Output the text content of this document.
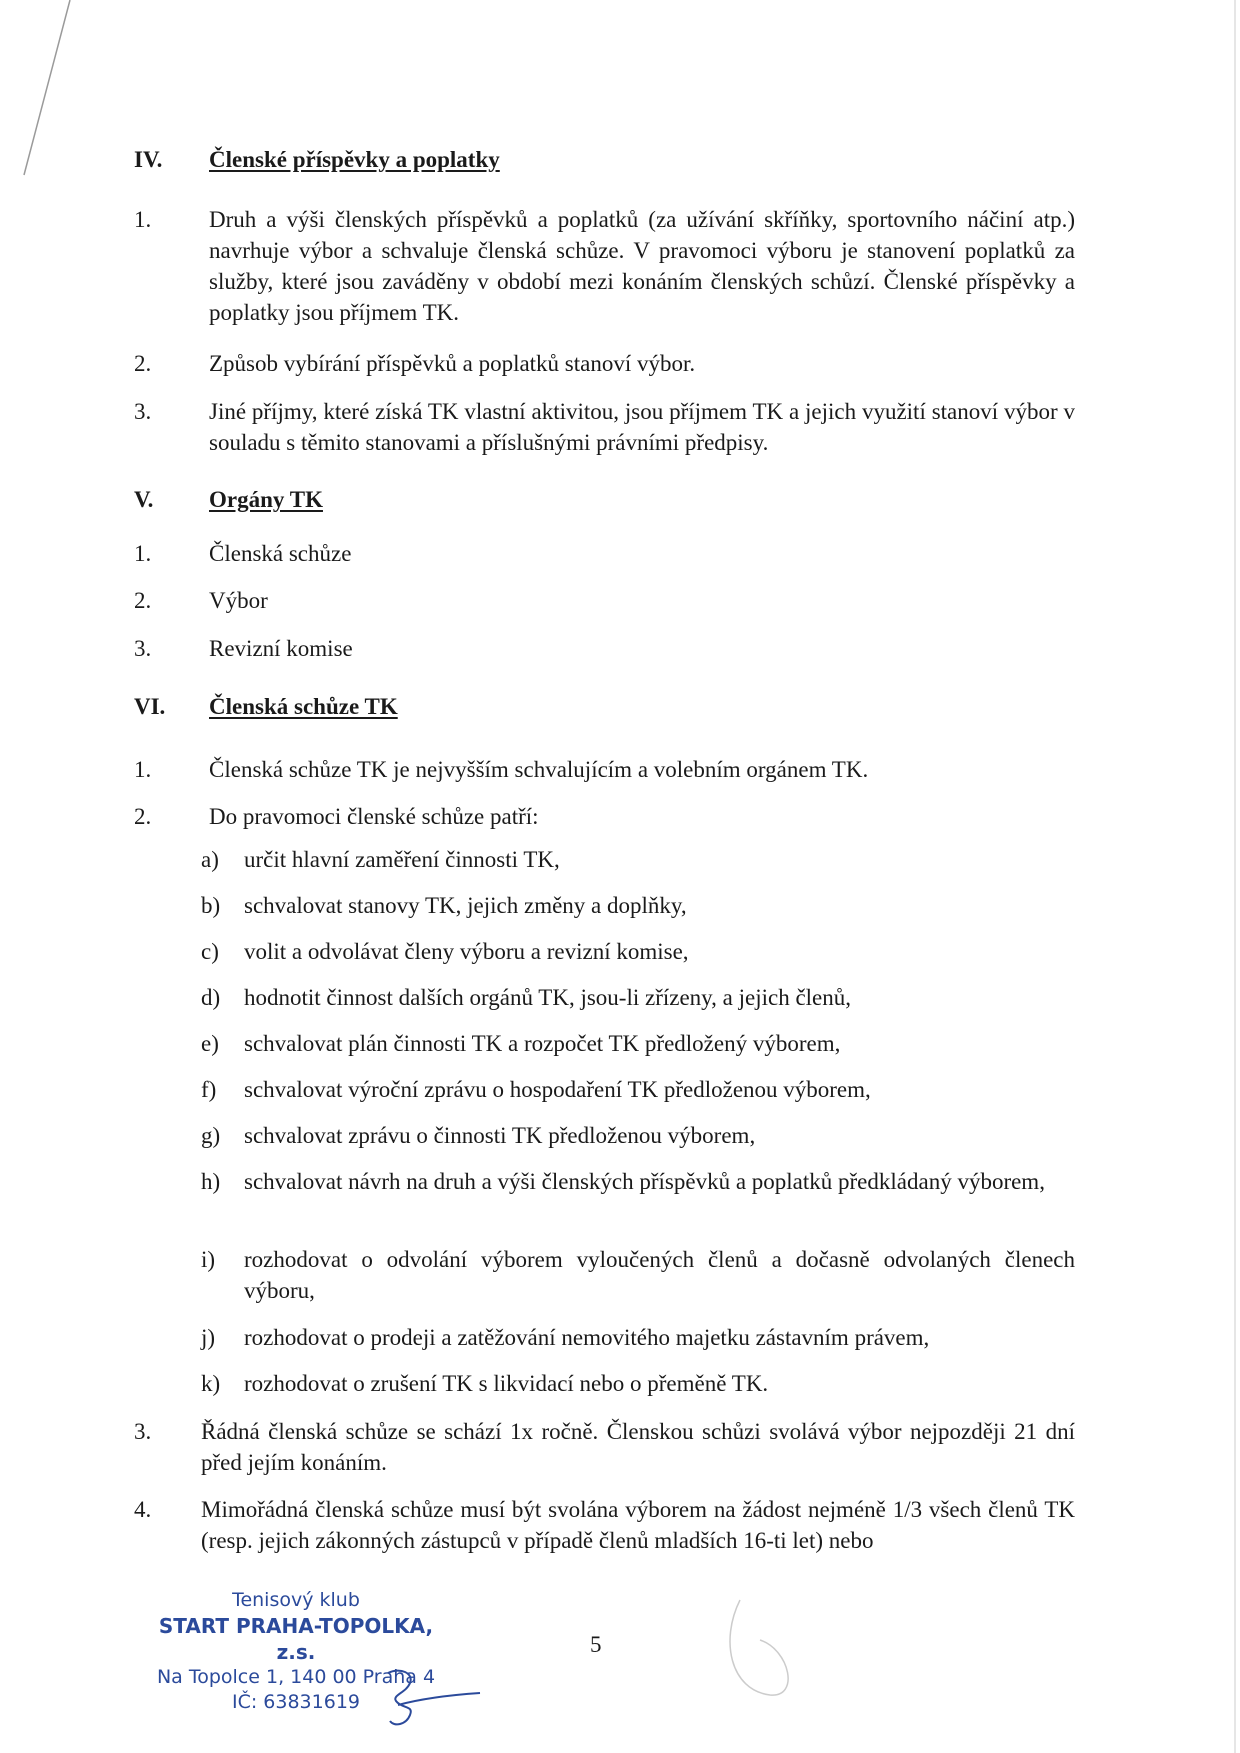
IV. Členské příspěvky a poplatky
1.	Druh a výši členských příspěvků a poplatků (za užívání skříňky, sportovního náčiní atp.) navrhuje výbor a schvaluje členská schůze. V pravomoci výboru je stanovení poplatků za služby, které jsou zaváděny v období mezi konáním členských schůzí. Členské příspěvky a poplatky jsou příjmem TK.
2.	Způsob vybírání příspěvků a poplatků stanoví výbor.
3.	Jiné příjmy, které získá TK vlastní aktivitou, jsou příjmem TK a jejich využití stanoví výbor v souladu s těmito stanovami a příslušnými právními předpisy.
V. Orgány TK
1.	Členská schůze
2.	Výbor
3.	Revizní komise
VI. Členská schůze TK
1.	Členská schůze TK je nejvyšším schvalujícím a volebním orgánem TK.
2.	Do pravomoci členské schůze patří:
a) určit hlavní zaměření činnosti TK,
b) schvalovat stanovy TK, jejich změny a doplňky,
c) volit a odvolávat členy výboru a revizní komise,
d) hodnotit činnost dalších orgánů TK, jsou-li zřízeny, a jejich členů,
e) schvalovat plán činnosti TK a rozpočet TK předložený výborem,
f) schvalovat výroční zprávu o hospodaření TK předloženou výborem,
g) schvalovat zprávu o činnosti TK předloženou výborem,
h) schvalovat návrh na druh a výši členských příspěvků a poplatků předkládaný výborem,
i) rozhodovat o odvolání výborem vyloučených členů a dočasně odvolaných členech výboru,
j) rozhodovat o prodeji a zatěžování nemovitého majetku zástavním právem,
k) rozhodovat o zrušení TK s likvidací nebo o přeměně TK.
3. Řádná členská schůze se schází 1x ročně. Členskou schůzi svolává výbor nejpozději 21 dní před jejím konáním.
4. Mimořádná členská schůze musí být svolána výborem na žádost nejméně 1/3 všech členů TK (resp. jejich zákonných zástupců v případě členů mladších 16-ti let) nebo
Tenisový klub
START PRAHA-TOPOLKA, z.s.
Na Topolce 1, 140 00 Praha 4
IČ: 63831619
5
